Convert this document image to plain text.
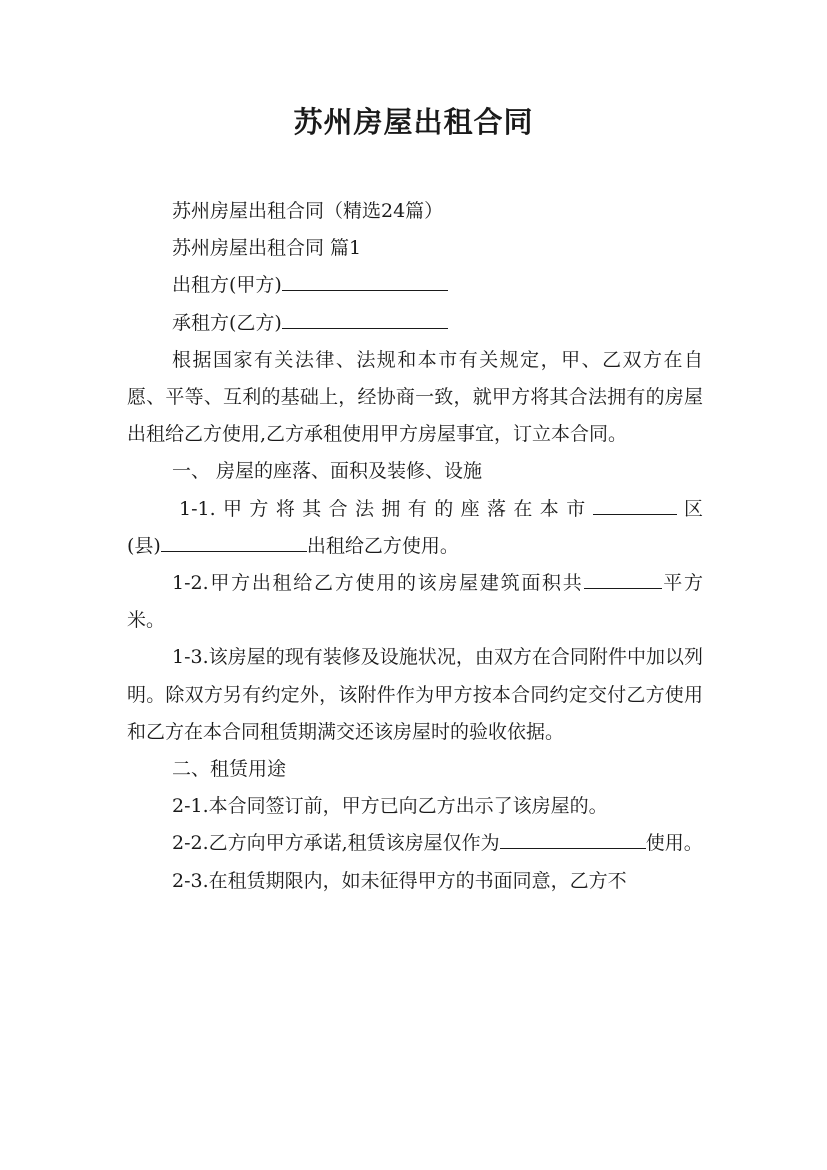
苏州房屋出租合同

苏州房屋出租合同（精选24篇）

苏州房屋出租合同 篇1

出租方(甲方)

承租方(乙方)

根据国家有关法律、法规和本市有关规定，甲、乙双方在自愿、平等、互利的基础上，经协商一致，就甲方将其合法拥有的房屋出租给乙方使用,乙方承租使用甲方房屋事宜，订立本合同。

一、 房屋的座落、面积及装修、设施

1-1.甲方将其合法拥有的座落在本市	区

(县)	出租给乙方使用。

1-2.甲方出租给乙方使用的该房屋建筑面积共	平方米。

1-3.该房屋的现有装修及设施状况，由双方在合同附件中加以列明。除双方另有约定外，该附件作为甲方按本合同约定交付乙方使用和乙方在本合同租赁期满交还该房屋时的验收依据。

二、租赁用途

2-1.本合同签订前，甲方已向乙方出示了该房屋的。

2-2.乙方向甲方承诺,租赁该房屋仅作为	使用。

2-3.在租赁期限内，如未征得甲方的书面同意，乙方不
